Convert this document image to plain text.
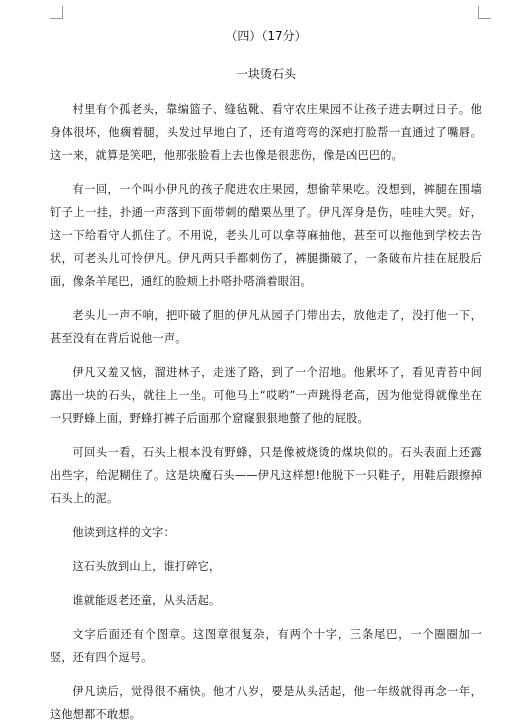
（四）（17分）

一块烫石头

村里有个孤老头，靠编篮子、缝毡靴、看守农庄果园不让孩子进去啊过日子。他身体很坏，他瘸着腿，头发过早地白了，还有道弯弯的深疤打脸帮一直通过了嘴唇。这一来，就算是笑吧，他那张脸看上去也像是很悲伤，像是凶巴巴的。

有一回，一个叫小伊凡的孩子爬进农庄果园，想偷苹果吃。没想到，裤腿在围墙钉子上一挂，扑通一声落到下面带刺的醋栗丛里了。伊凡浑身是伤，哇哇大哭。好，这一下给看守人抓住了。不用说，老头儿可以拿荨麻抽他，甚至可以拖他到学校去告状，可老头儿可怜伊凡。伊凡两只手都刺伤了，裤腿撕破了，一条破布片挂在屁股后面，像条羊尾巴，通红的脸颊上扑嗒扑嗒淌着眼泪。

老头儿一声不响，把吓破了胆的伊凡从园子门带出去，放他走了，没打他一下，甚至没有在背后说他一声。

伊凡又羞又恼，溜进林子，走迷了路，到了一个沼地。他累坏了，看见青苔中间露出一块的石头，就往上一坐。可他马上“哎哟”一声跳得老高，因为他觉得就像坐在一只野蜂上面，野蜂打裤子后面那个窟窿狠狠地螫了他的屁股。

可回头一看，石头上根本没有野蜂，只是像被烧烫的煤块似的。石头表面上还露出些字，给泥糊住了。这是块魔石头——伊凡这样想!他脱下一只鞋子，用鞋后跟擦掉石头上的泥。

他读到这样的文字：

这石头放到山上，谁打碎它，

谁就能返老还童，从头活起。

文字后面还有个图章。这图章很复杂，有两个十字，三条尾巴，一个圈圈加一竖，还有四个逗号。

伊凡读后，觉得很不痛快。他才八岁，要是从头活起，他一年级就得再念一年，这他想都不敢想。
